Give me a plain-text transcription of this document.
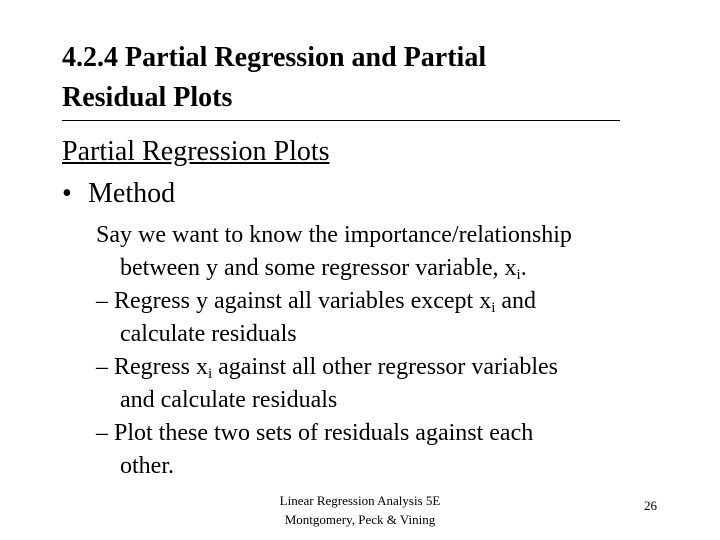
4.2.4 Partial Regression and Partial
Residual Plots
Partial Regression Plots
• Method
Say we want to know the importance/relationship
between y and some regressor variable, $x_i$.
– Regress y against all variables except $x_i$ and
calculate residuals
– Regress $x_i$ against all other regressor variables
and calculate residuals
– Plot these two sets of residuals against each
other.
Linear Regression Analysis 5E
Montgomery, Peck & Vining
26
